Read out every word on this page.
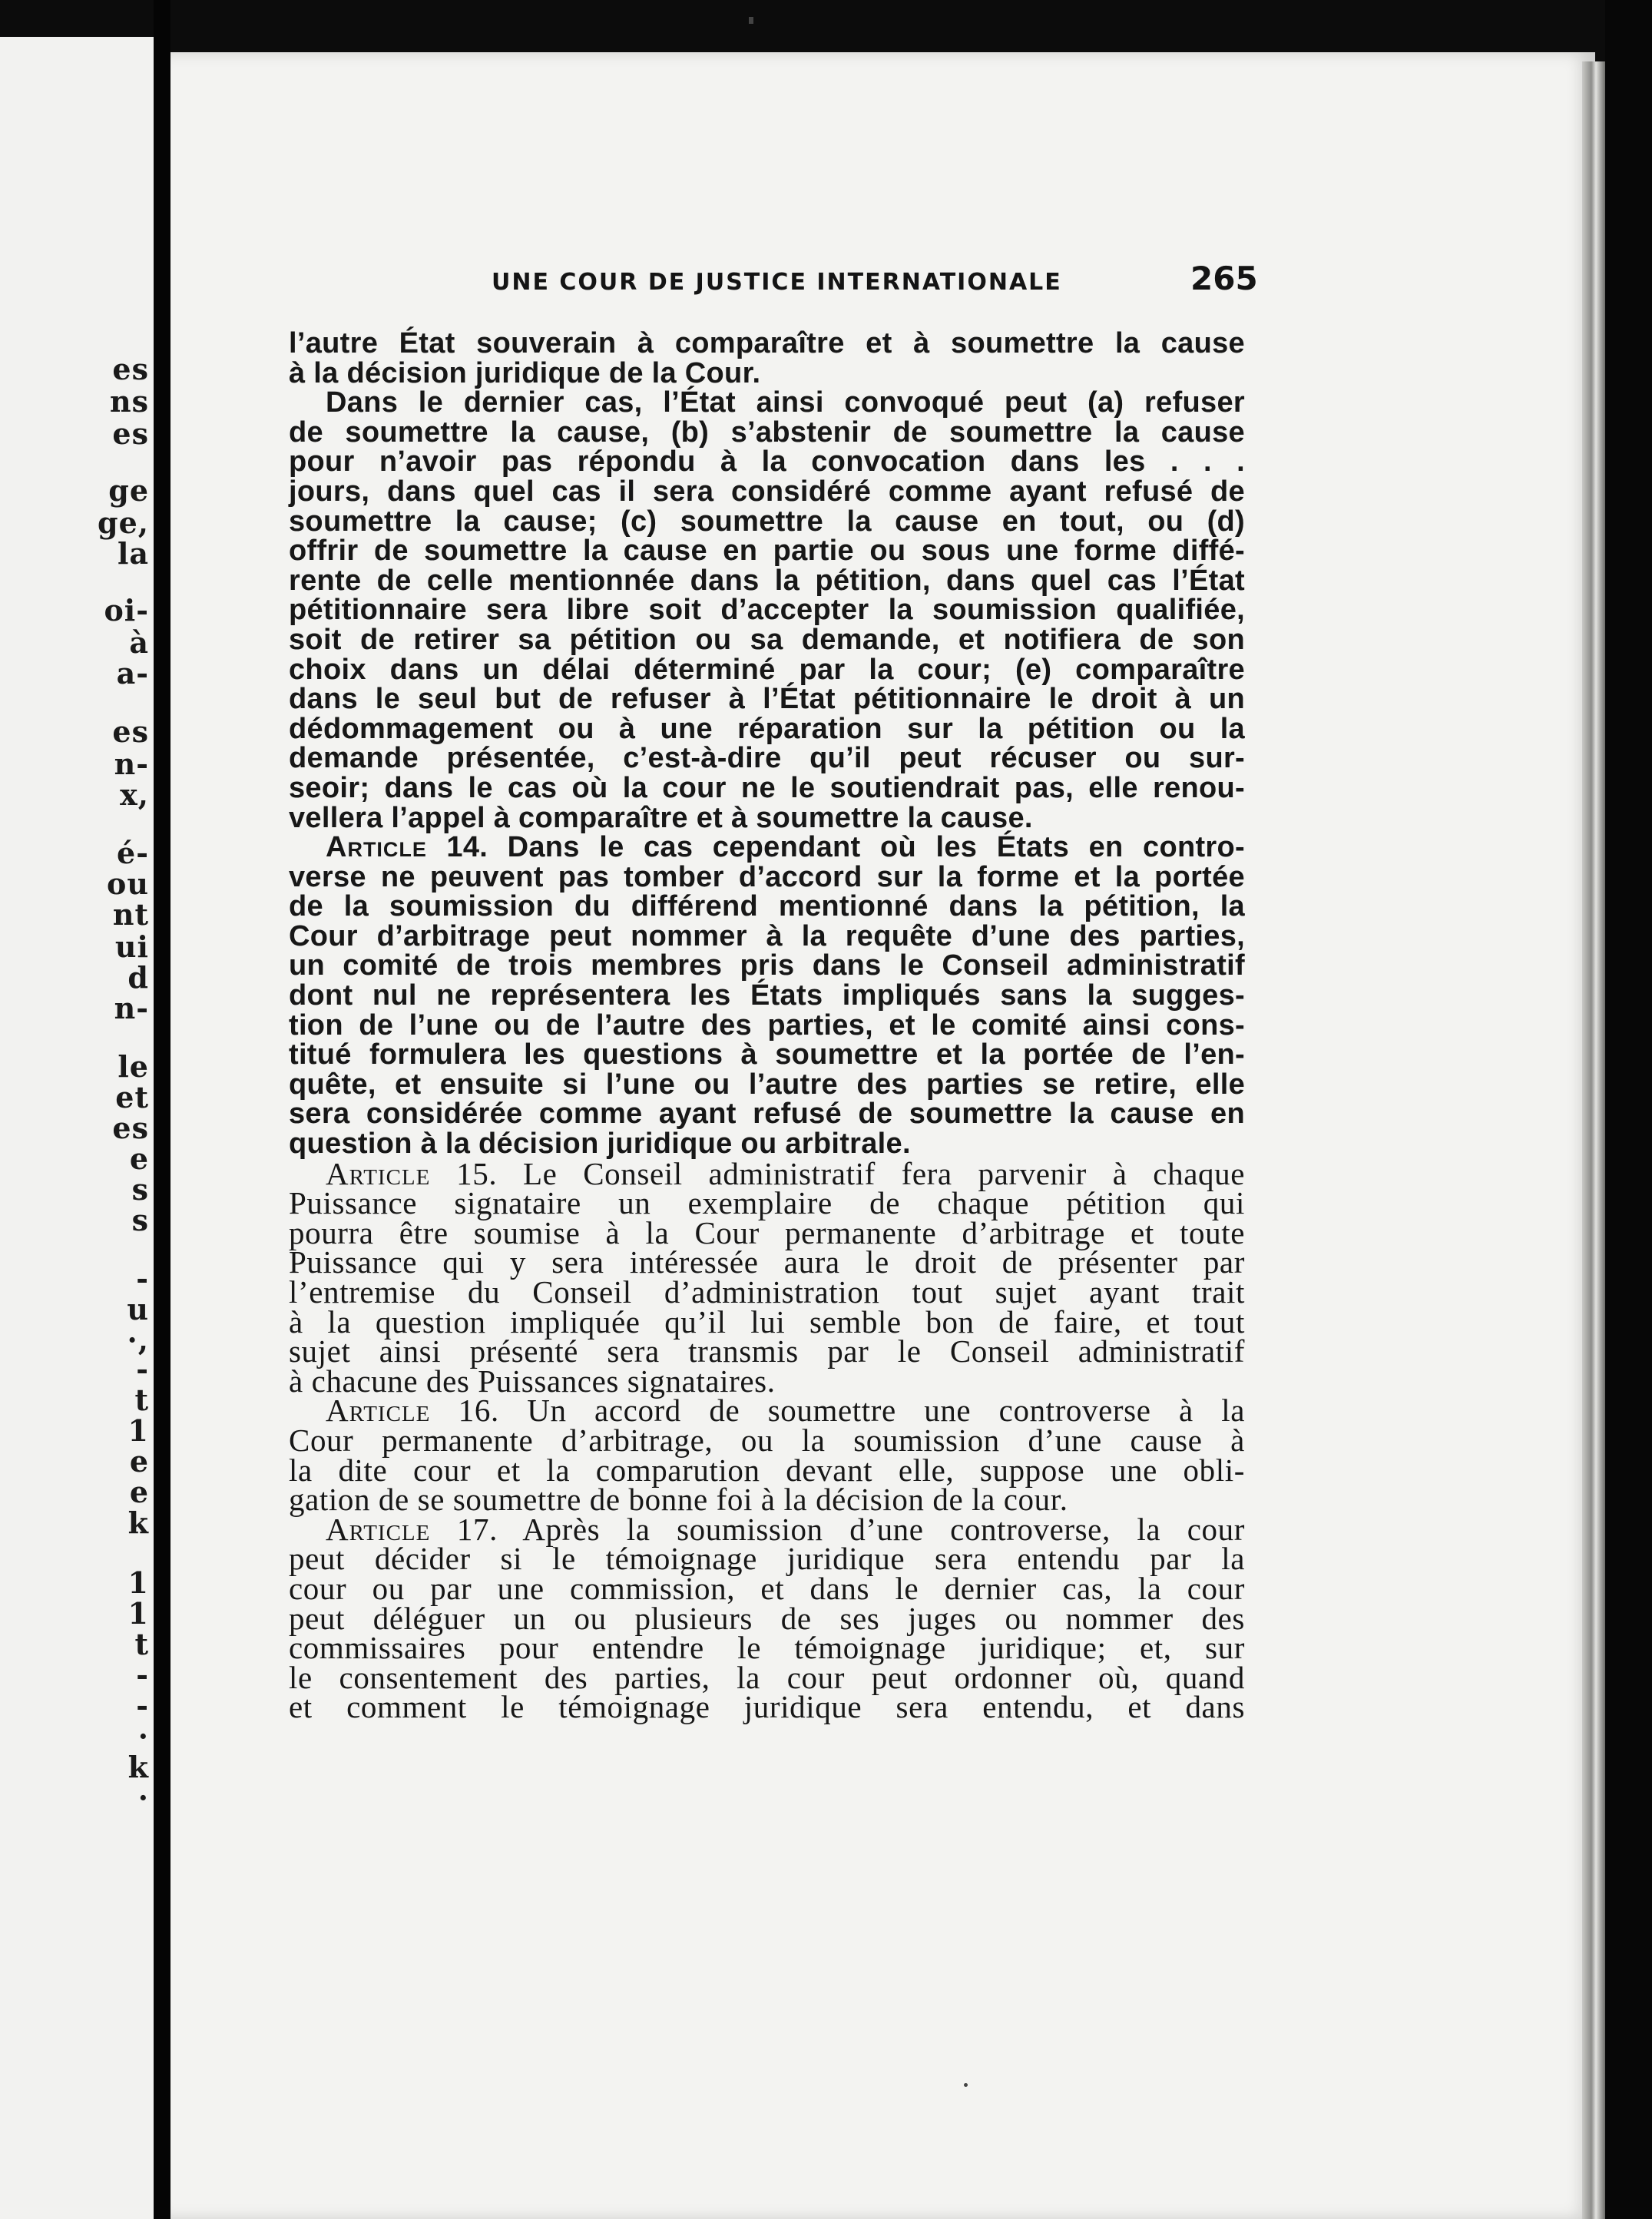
es
ns
es
ge
ge,
la
oi-
à
a-
es
n-
x,
é-
ou
nt
ui
d
n-
le
et
es
e
s
s
-
u
·,
-
t
1
e
e
k
1
1
t
-
-
·
k
·
UNE COUR DE JUSTICE INTERNATIONALE	265
l’autre État souverain à comparaître et à soumettre la cause
à la décision juridique de la Cour.
Dans le dernier cas, l’État ainsi convoqué peut (a) refuser
de soumettre la cause, (b) s’abstenir de soumettre la cause
pour n’avoir pas répondu à la convocation dans les . . .
jours, dans quel cas il sera considéré comme ayant refusé de
soumettre la cause; (c) soumettre la cause en tout, ou (d)
offrir de soumettre la cause en partie ou sous une forme diffé-
rente de celle mentionnée dans la pétition, dans quel cas l’État
pétitionnaire sera libre soit d’accepter la soumission qualifiée,
soit de retirer sa pétition ou sa demande, et notifiera de son
choix dans un délai déterminé par la cour; (e) comparaître
dans le seul but de refuser à l’État pétitionnaire le droit à un
dédommagement ou à une réparation sur la pétition ou la
demande présentée, c’est-à-dire qu’il peut récuser ou sur-
seoir; dans le cas où la cour ne le soutiendrait pas, elle renou-
vellera l’appel à comparaître et à soumettre la cause.
Article 14. Dans le cas cependant où les États en contro-
verse ne peuvent pas tomber d’accord sur la forme et la portée
de la soumission du différend mentionné dans la pétition, la
Cour d’arbitrage peut nommer à la requête d’une des parties,
un comité de trois membres pris dans le Conseil administratif
dont nul ne représentera les États impliqués sans la sugges-
tion de l’une ou de l’autre des parties, et le comité ainsi cons-
titué formulera les questions à soumettre et la portée de l’en-
quête, et ensuite si l’une ou l’autre des parties se retire, elle
sera considérée comme ayant refusé de soumettre la cause en
question à la décision juridique ou arbitrale.
Article 15. Le Conseil administratif fera parvenir à chaque
Puissance signataire un exemplaire de chaque pétition qui
pourra être soumise à la Cour permanente d’arbitrage et toute
Puissance qui y sera intéressée aura le droit de présenter par
l’entremise du Conseil d’administration tout sujet ayant trait
à la question impliquée qu’il lui semble bon de faire, et tout
sujet ainsi présenté sera transmis par le Conseil administratif
à chacune des Puissances signataires.
Article 16. Un accord de soumettre une controverse à la
Cour permanente d’arbitrage, ou la soumission d’une cause à
la dite cour et la comparution devant elle, suppose une obli-
gation de se soumettre de bonne foi à la décision de la cour.
Article 17. Après la soumission d’une controverse, la cour
peut décider si le témoignage juridique sera entendu par la
cour ou par une commission, et dans le dernier cas, la cour
peut déléguer un ou plusieurs de ses juges ou nommer des
commissaires pour entendre le témoignage juridique; et, sur
le consentement des parties, la cour peut ordonner où, quand
et comment le témoignage juridique sera entendu, et dans
